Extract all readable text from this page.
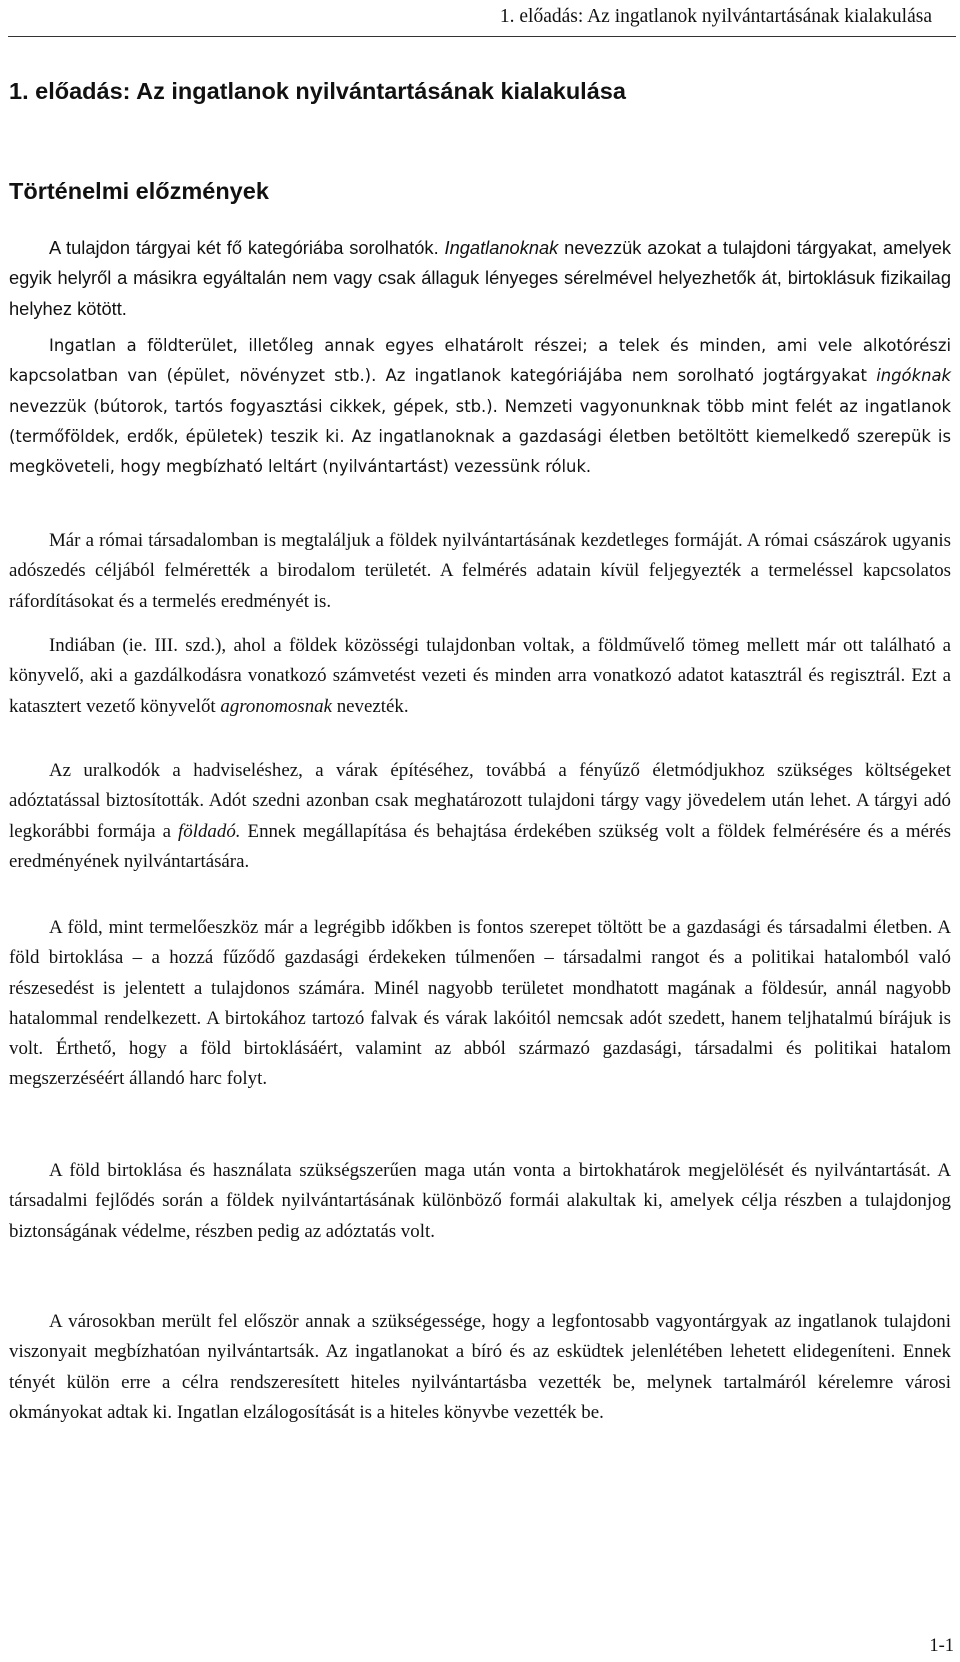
1. előadás: Az ingatlanok nyilvántartásának kialakulása
1. előadás: Az ingatlanok nyilvántartásának kialakulása
Történelmi előzmények

A tulajdon tárgyai két fő kategóriába sorolhatók. Ingatlanoknak nevezzük azokat a tulajdoni tárgyakat, amelyek egyik helyről a másikra egyáltalán nem vagy csak állaguk lényeges sérelmével helyezhetők át, birtoklásuk fizikailag helyhez kötött.

Ingatlan a földterület, illetőleg annak egyes elhatárolt részei; a telek és minden, ami vele alkotórészi kapcsolatban van (épület, növényzet stb.). Az ingatlanok kategóriájába nem sorolható jogtárgyakat ingóknak nevezzük (bútorok, tartós fogyasztási cikkek, gépek, stb.). Nemzeti vagyonunknak több mint felét az ingatlanok (termőföldek, erdők, épületek) teszik ki. Az ingatlanoknak a gazdasági életben betöltött kiemelkedő szerepük is megköveteli, hogy megbízható leltárt (nyilvántartást) vezessünk róluk.

Már a római társadalomban is megtaláljuk a földek nyilvántartásának kezdetleges formáját. A római császárok ugyanis adószedés céljából felmérették a birodalom területét. A felmérés adatain kívül feljegyezték a termeléssel kapcsolatos ráfordításokat és a termelés eredményét is.

Indiában (ie. III. szd.), ahol a földek közösségi tulajdonban voltak, a földművelő tömeg mellett már ott található a könyvelő, aki a gazdálkodásra vonatkozó számvetést vezeti és minden arra vonatkozó adatot katasztrál és regisztrál. Ezt a katasztert vezető könyvelőt agronomosnak nevezték.

Az uralkodók a hadviseléshez, a várak építéséhez, továbbá a fényűző életmódjukhoz szükséges költségeket adóztatással biztosították. Adót szedni azonban csak meghatározott tulajdoni tárgy vagy jövedelem után lehet. A tárgyi adó legkorábbi formája a földadó. Ennek megállapítása és behajtása érdekében szükség volt a földek felmérésére és a mérés eredményének nyilvántartására.

A föld, mint termelőeszköz már a legrégibb időkben is fontos szerepet töltött be a gazdasági és társadalmi életben. A föld birtoklása – a hozzá fűződő gazdasági érdekeken túlmenően – társadalmi rangot és a politikai hatalomból való részesedést is jelentett a tulajdonos számára. Minél nagyobb területet mondhatott magának a földesúr, annál nagyobb hatalommal rendelkezett. A birtokához tartozó falvak és várak lakóitól nemcsak adót szedett, hanem teljhatalmú bírájuk is volt. Érthető, hogy a föld birtoklásáért, valamint az abból származó gazdasági, társadalmi és politikai hatalom megszerzéséért állandó harc folyt.

A föld birtoklása és használata szükségszerűen maga után vonta a birtokhatárok megjelölését és nyilvántartását. A társadalmi fejlődés során a földek nyilvántartásának különböző formái alakultak ki, amelyek célja részben a tulajdonjog biztonságának védelme, részben pedig az adóztatás volt.

A városokban merült fel először annak a szükségessége, hogy a legfontosabb vagyontárgyak az ingatlanok tulajdoni viszonyait megbízhatóan nyilvántartsák. Az ingatlanokat a bíró és az esküdtek jelenlétében lehetett elidegeníteni. Ennek tényét külön erre a célra rendszeresített hiteles nyilvántartásba vezették be, melynek tartalmáról kérelemre városi okmányokat adtak ki. Ingatlan elzálogosítását is a hiteles könyvbe vezették be.

1-1
